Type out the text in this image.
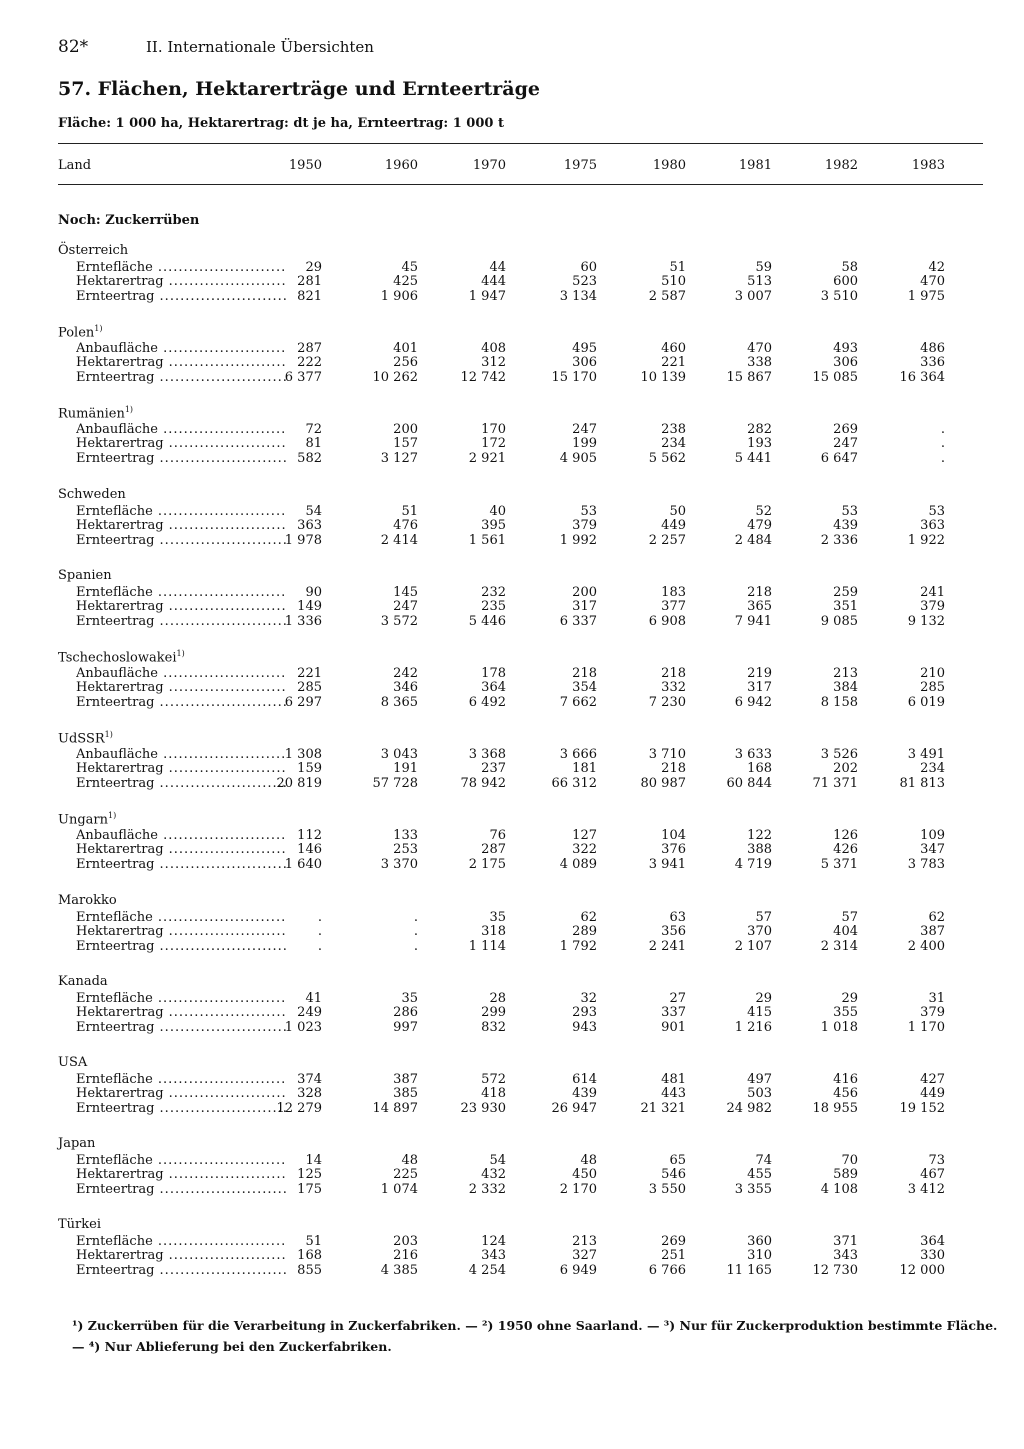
82*	II. Internationale Übersichten
57. Flächen, Hektarerträge und Ernteerträge
Fläche: 1 000 ha, Hektarertrag: dt je ha, Ernteertrag: 1 000 t
Land	1950	1960	1970	1975	1980	1981	1982	1983
Noch: Zuckerrüben
Österreich
Erntefläche .....	29	45	44	60	51	59	58	42
Hektarertrag .....	281	425	444	523	510	513	600	470
Ernteertrag .....	821	1 906	1 947	3 134	2 587	3 007	3 510	1 975
Polen$^{1)}$
Anbaufläche .....	287	401	408	495	460	470	493	486
Hektarertrag .....	222	256	312	306	221	338	306	336
Ernteertrag .....	6 377	10 262	12 742	15 170	10 139	15 867	15 085	16 364
Rumänien$^{1)}$
Anbaufläche .....	72	200	170	247	238	282	269	.
Hektarertrag .....	81	157	172	199	234	193	247	.
Ernteertrag .....	582	3 127	2 921	4 905	5 562	5 441	6 647	.
Schweden
Erntefläche .....	54	51	40	53	50	52	53	53
Hektarertrag .....	363	476	395	379	449	479	439	363
Ernteertrag .....	1 978	2 414	1 561	1 992	2 257	2 484	2 336	1 922
Spanien
Erntefläche .....	90	145	232	200	183	218	259	241
Hektarertrag .....	149	247	235	317	377	365	351	379
Ernteertrag .....	1 336	3 572	5 446	6 337	6 908	7 941	9 085	9 132
Tschechoslowakei$^{1)}$
Anbaufläche .....	221	242	178	218	218	219	213	210
Hektarertrag .....	285	346	364	354	332	317	384	285
Ernteertrag .....	6 297	8 365	6 492	7 662	7 230	6 942	8 158	6 019
UdSSR$^{1)}$
Anbaufläche .....	1 308	3 043	3 368	3 666	3 710	3 633	3 526	3 491
Hektarertrag .....	159	191	237	181	218	168	202	234
Ernteertrag .....	20 819	57 728	78 942	66 312	80 987	60 844	71 371	81 813
Ungarn$^{1)}$
Anbaufläche .....	112	133	76	127	104	122	126	109
Hektarertrag .....	146	253	287	322	376	388	426	347
Ernteertrag .....	1 640	3 370	2 175	4 089	3 941	4 719	5 371	3 783
Marokko
Erntefläche .....	.	.	35	62	63	57	57	62
Hektarertrag .....	.	.	318	289	356	370	404	387
Ernteertrag .....	.	.	1 114	1 792	2 241	2 107	2 314	2 400
Kanada
Erntefläche .....	41	35	28	32	27	29	29	31
Hektarertrag .....	249	286	299	293	337	415	355	379
Ernteertrag .....	1 023	997	832	943	901	1 216	1 018	1 170
USA
Erntefläche .....	374	387	572	614	481	497	416	427
Hektarertrag .....	328	385	418	439	443	503	456	449
Ernteertrag .....	12 279	14 897	23 930	26 947	21 321	24 982	18 955	19 152
Japan
Erntefläche .....	14	48	54	48	65	74	70	73
Hektarertrag .....	125	225	432	450	546	455	589	467
Ernteertrag .....	175	1 074	2 332	2 170	3 550	3 355	4 108	3 412
Türkei
Erntefläche .....	51	203	124	213	269	360	371	364
Hektarertrag .....	168	216	343	327	251	310	343	330
Ernteertrag .....	855	4 385	4 254	6 949	6 766	11 165	12 730	12 000
¹) Zuckerrüben für die Verarbeitung in Zuckerfabriken. — ²) 1950 ohne Saarland. — ³) Nur für Zuckerproduktion bestimmte Fläche.
— ⁴) Nur Ablieferung bei den Zuckerfabriken.
